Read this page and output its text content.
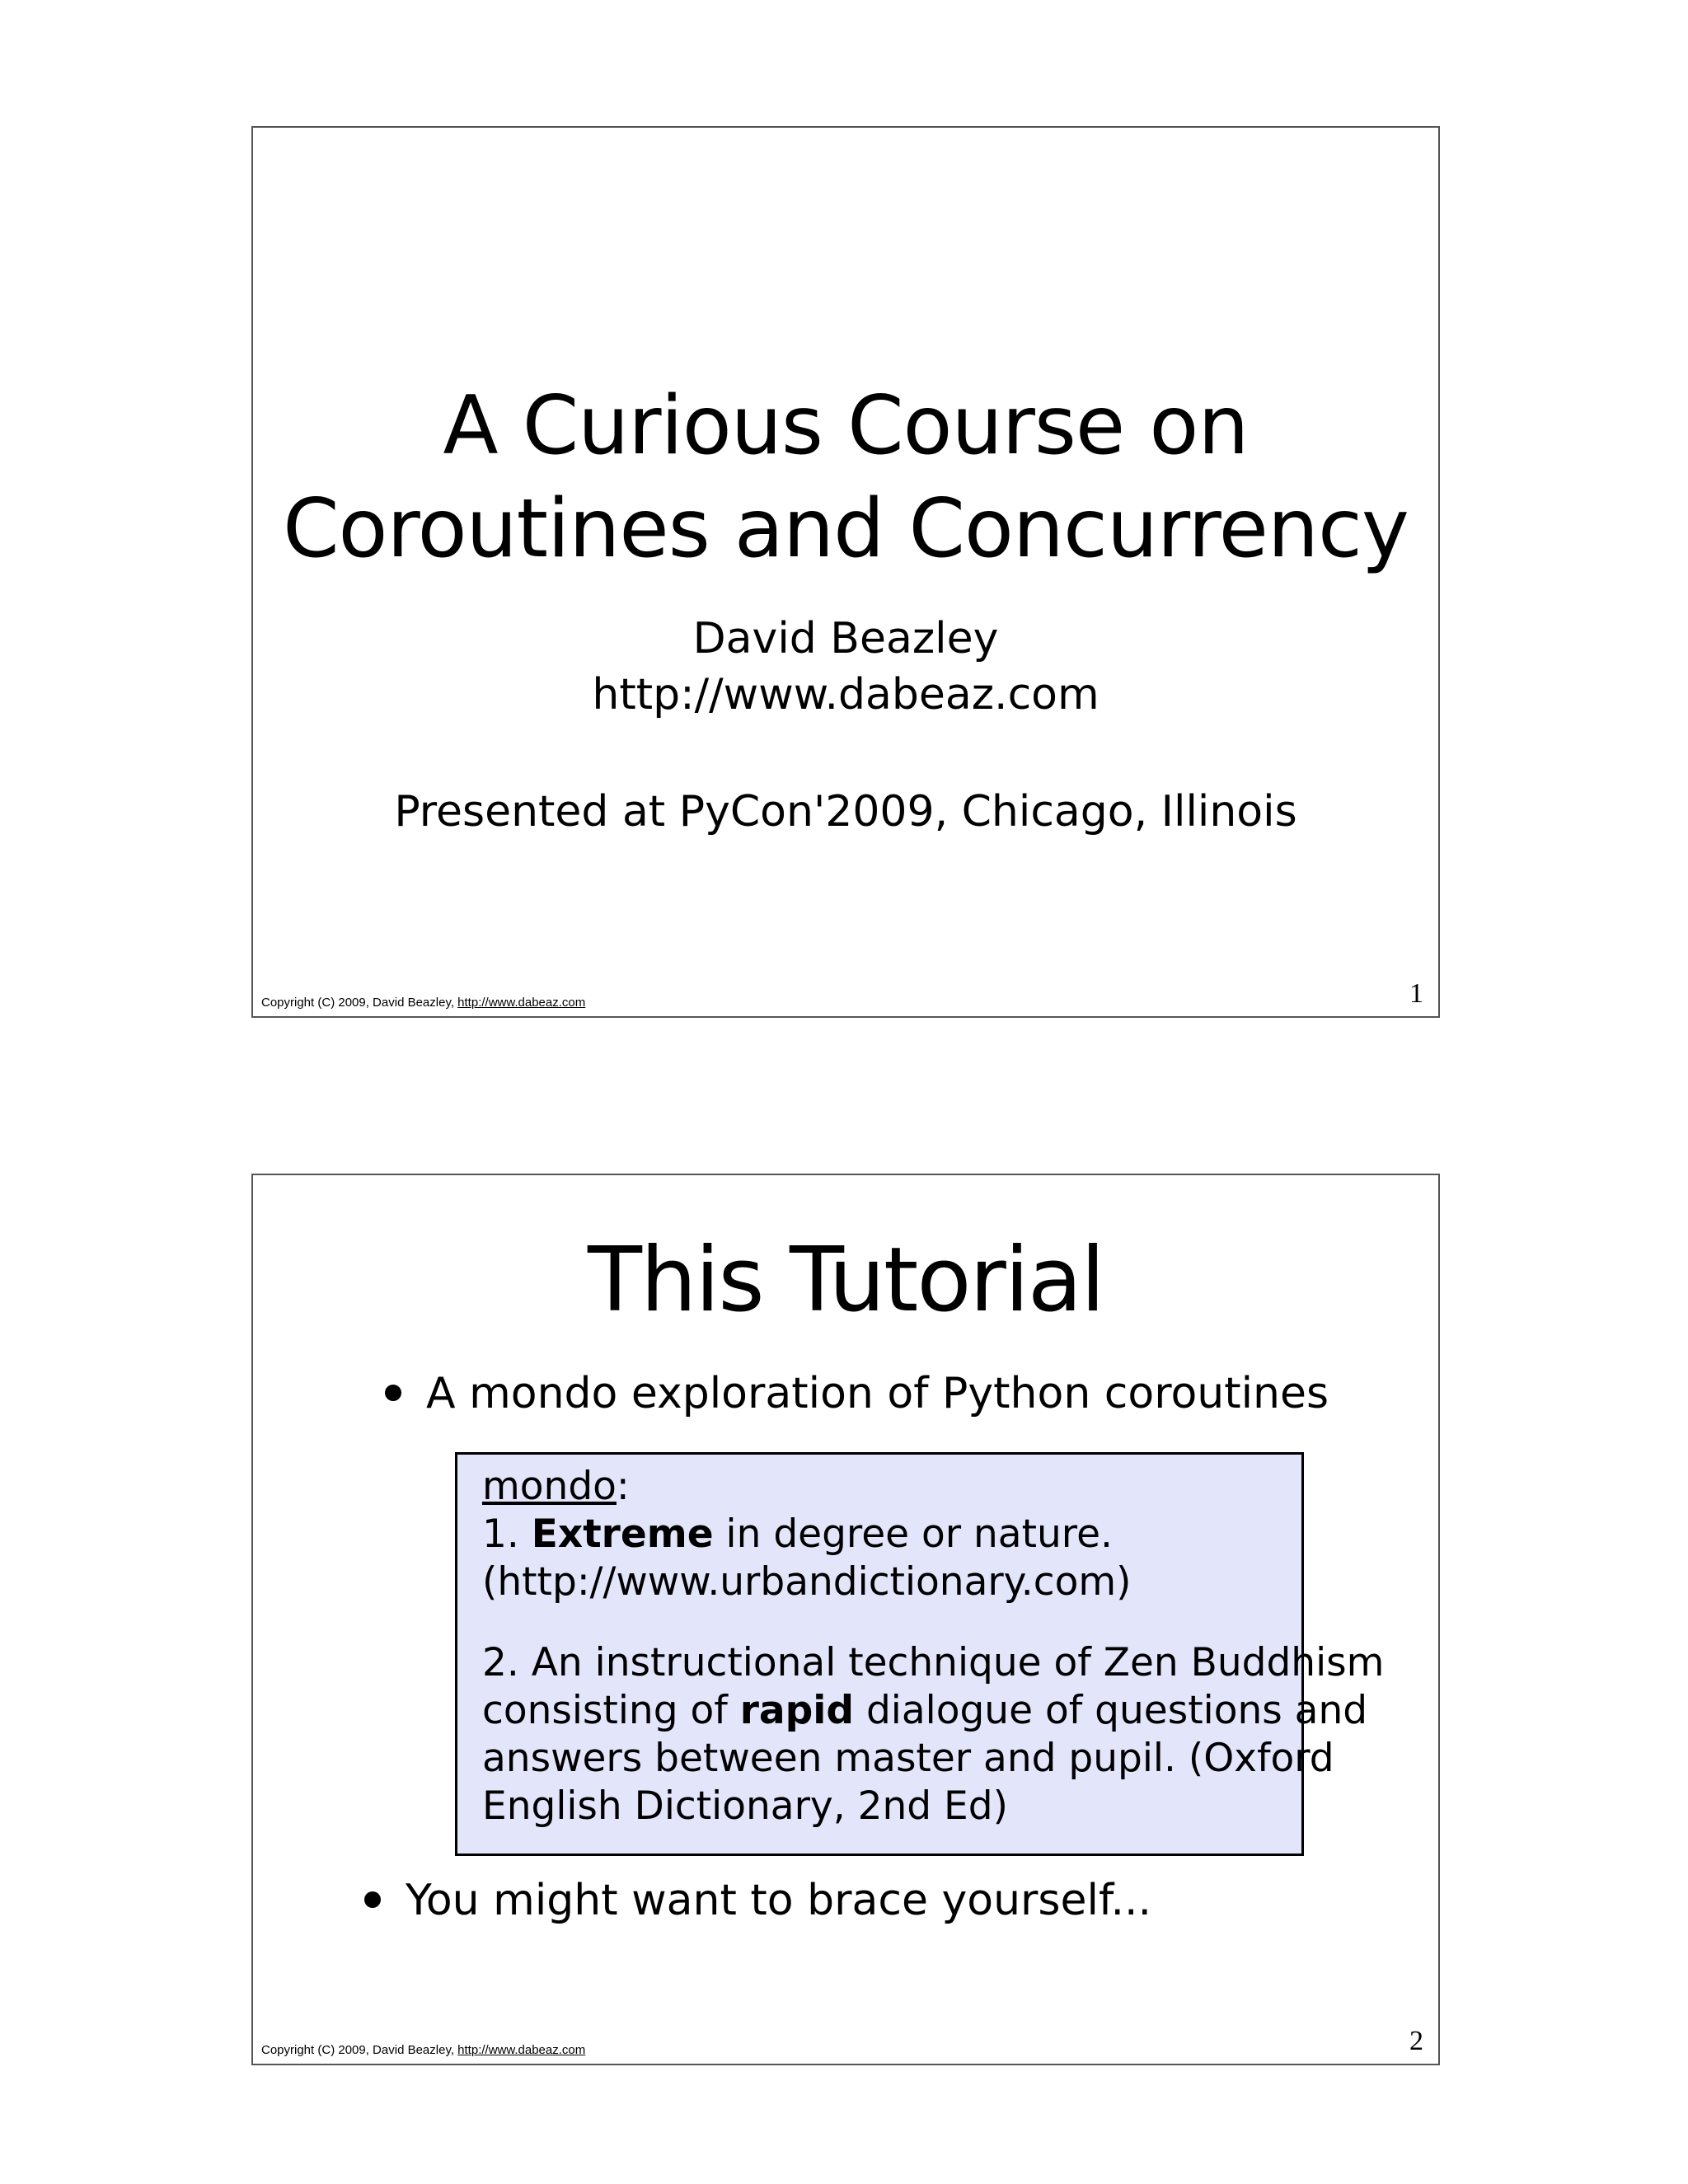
A Curious Course on
Coroutines and Concurrency
David Beazley
http://www.dabeaz.com
Presented at PyCon'2009, Chicago, Illinois
Copyright (C) 2009, David Beazley, http://www.dabeaz.com	1
This Tutorial
A mondo exploration of Python coroutines
mondo:
1. Extreme in degree or nature.
(http://www.urbandictionary.com)
2. An instructional technique of Zen Buddhism
consisting of rapid dialogue of questions and
answers between master and pupil. (Oxford
English Dictionary, 2nd Ed)
You might want to brace yourself...
Copyright (C) 2009, David Beazley, http://www.dabeaz.com	2
